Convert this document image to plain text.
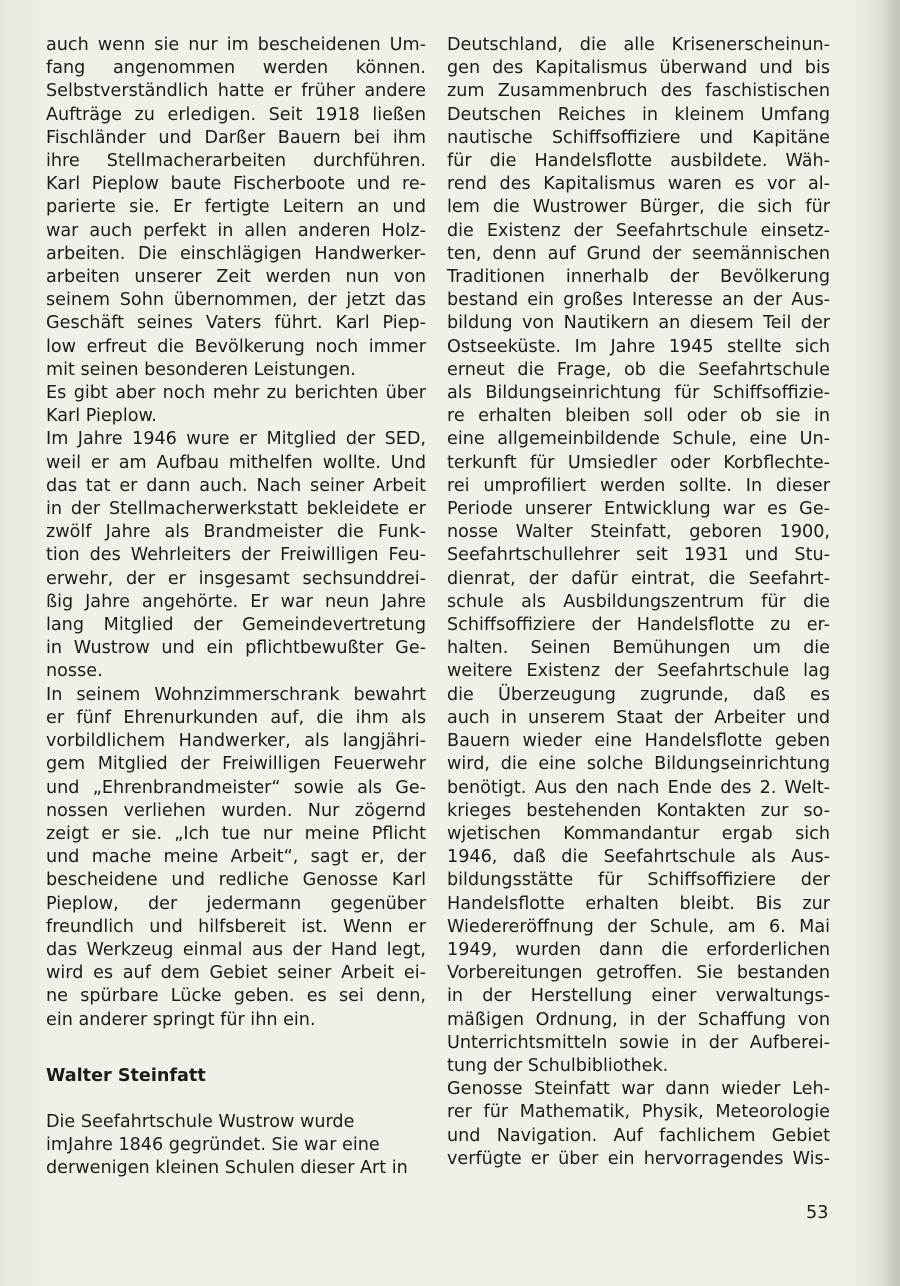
auch wenn sie nur im bescheidenen Um-
fang angenommen werden können.
Selbstverständlich hatte er früher andere
Aufträge zu erledigen. Seit 1918 ließen
Fischländer und Darßer Bauern bei ihm
ihre Stellmacherarbeiten durchführen.
Karl Pieplow baute Fischerboote und re-
parierte sie. Er fertigte Leitern an und
war auch perfekt in allen anderen Holz-
arbeiten. Die einschlägigen Handwerker-
arbeiten unserer Zeit werden nun von
seinem Sohn übernommen, der jetzt das
Geschäft seines Vaters führt. Karl Piep-
low erfreut die Bevölkerung noch immer
mit seinen besonderen Leistungen.
Es gibt aber noch mehr zu berichten über
Karl Pieplow.
Im Jahre 1946 wure er Mitglied der SED,
weil er am Aufbau mithelfen wollte. Und
das tat er dann auch. Nach seiner Arbeit
in der Stellmacherwerkstatt bekleidete er
zwölf Jahre als Brandmeister die Funk-
tion des Wehrleiters der Freiwilligen Feu-
erwehr, der er insgesamt sechsunddrei-
ßig Jahre angehörte. Er war neun Jahre
lang Mitglied der Gemeindevertretung
in Wustrow und ein pflichtbewußter Ge-
nosse.
In seinem Wohnzimmerschrank bewahrt
er fünf Ehrenurkunden auf, die ihm als
vorbildlichem Handwerker, als langjähri-
gem Mitglied der Freiwilligen Feuerwehr
und „Ehrenbrandmeister“ sowie als Ge-
nossen verliehen wurden. Nur zögernd
zeigt er sie. „Ich tue nur meine Pflicht
und mache meine Arbeit“, sagt er, der
bescheidene und redliche Genosse Karl
Pieplow, der jedermann gegenüber
freundlich und hilfsbereit ist. Wenn er
das Werkzeug einmal aus der Hand legt,
wird es auf dem Gebiet seiner Arbeit ei-
ne spürbare Lücke geben. es sei denn,
ein anderer springt für ihn ein.
Walter Steinfatt
Die Seefahrtschule Wustrow wurde imJahre 1846 gegründet. Sie war eine derwenigen kleinen Schulen dieser Art in
Deutschland, die alle Krisenerscheinun-
gen des Kapitalismus überwand und bis
zum Zusammenbruch des faschistischen
Deutschen Reiches in kleinem Umfang
nautische Schiffsoffiziere und Kapitäne
für die Handelsflotte ausbildete. Wäh-
rend des Kapitalismus waren es vor al-
lem die Wustrower Bürger, die sich für
die Existenz der Seefahrtschule einsetz-
ten, denn auf Grund der seemännischen
Traditionen innerhalb der Bevölkerung
bestand ein großes Interesse an der Aus-
bildung von Nautikern an diesem Teil der
Ostseeküste. Im Jahre 1945 stellte sich
erneut die Frage, ob die Seefahrtschule
als Bildungseinrichtung für Schiffsoffizie-
re erhalten bleiben soll oder ob sie in
eine allgemeinbildende Schule, eine Un-
terkunft für Umsiedler oder Korbflechte-
rei umprofiliert werden sollte. In dieser
Periode unserer Entwicklung war es Ge-
nosse Walter Steinfatt, geboren 1900,
Seefahrtschullehrer seit 1931 und Stu-
dienrat, der dafür eintrat, die Seefahrt-
schule als Ausbildungszentrum für die
Schiffsoffiziere der Handelsflotte zu er-
halten. Seinen Bemühungen um die
weitere Existenz der Seefahrtschule lag
die Überzeugung zugrunde, daß es
auch in unserem Staat der Arbeiter und
Bauern wieder eine Handelsflotte geben
wird, die eine solche Bildungseinrichtung
benötigt. Aus den nach Ende des 2. Welt-
krieges bestehenden Kontakten zur so-
wjetischen Kommandantur ergab sich
1946, daß die Seefahrtschule als Aus-
bildungsstätte für Schiffsoffiziere der
Handelsflotte erhalten bleibt. Bis zur
Wiedereröffnung der Schule, am 6. Mai
1949, wurden dann die erforderlichen
Vorbereitungen getroffen. Sie bestanden
in der Herstellung einer verwaltungs-
mäßigen Ordnung, in der Schaffung von
Unterrichtsmitteln sowie in der Aufberei-
tung der Schulbibliothek.
Genosse Steinfatt war dann wieder Leh-
rer für Mathematik, Physik, Meteorologie
und Navigation. Auf fachlichem Gebiet
verfügte er über ein hervorragendes Wis-
53
